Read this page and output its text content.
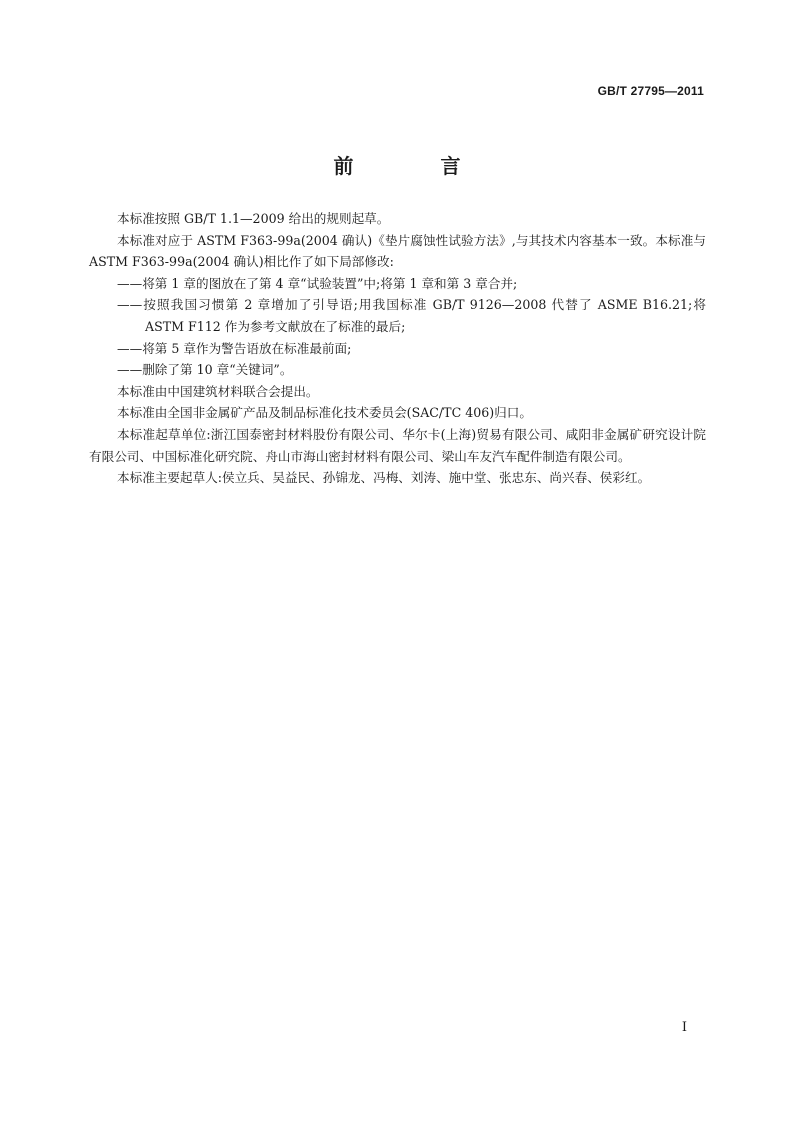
GB/T 27795—2011
前 言

本标准按照 GB/T 1.1—2009 给出的规则起草。

本标准对应于 ASTM F363-99a(2004 确认)《垫片腐蚀性试验方法》,与其技术内容基本一致。本标准与 ASTM F363-99a(2004 确认)相比作了如下局部修改:

——将第 1 章的图放在了第 4 章“试验装置”中;将第 1 章和第 3 章合并;

——按照我国习惯第 2 章增加了引导语;用我国标准 GB/T 9126—2008 代替了 ASME B16.21;将 ASTM F112 作为参考文献放在了标准的最后;

——将第 5 章作为警告语放在标准最前面;

——删除了第 10 章“关键词”。

本标准由中国建筑材料联合会提出。

本标准由全国非金属矿产品及制品标准化技术委员会(SAC/TC 406)归口。

本标准起草单位:浙江国泰密封材料股份有限公司、华尔卡(上海)贸易有限公司、咸阳非金属矿研究设计院有限公司、中国标准化研究院、舟山市海山密封材料有限公司、梁山车友汽车配件制造有限公司。

本标准主要起草人:侯立兵、吴益民、孙锦龙、冯梅、刘涛、施中堂、张忠东、尚兴春、侯彩红。

I
